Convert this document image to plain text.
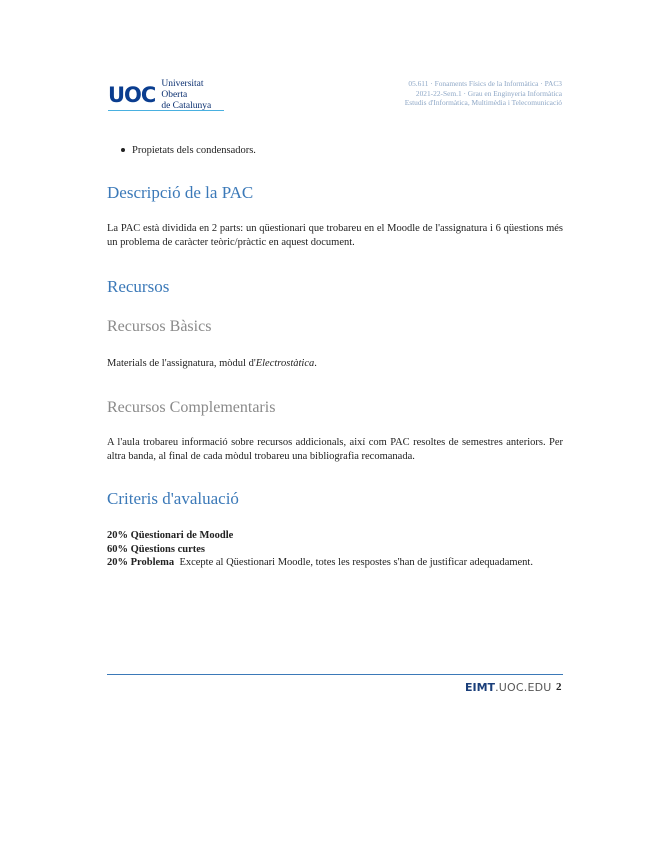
UOC Universitat Oberta
de Catalunya
05.611 · Fonaments Físics de la Informàtica · PAC3
2021-22-Sem.1 · Grau en Enginyeria Informàtica
Estudis d'Informàtica, Multimèdia i Telecomunicació
Propietats dels condensadors.
Descripció de la PAC
La PAC està dividida en 2 parts: un qüestionari que trobareu en el Moodle de l'assignatura i 6 qüestions més un problema de caràcter teòric/pràctic en aquest document.
Recursos
Recursos Bàsics
Materials de l'assignatura, mòdul d'Electrostàtica.
Recursos Complementaris
A l'aula trobareu informació sobre recursos addicionals, així com PAC resoltes de semestres anteriors. Per altra banda, al final de cada mòdul trobareu una bibliografia recomanada.
Criteris d'avaluació
20% Qüestionari de Moodle
60% Qüestions curtes
20% Problema Excepte al Qüestionari Moodle, totes les respostes s'han de justificar adequadament.
EIMT.UOC.EDU 2
